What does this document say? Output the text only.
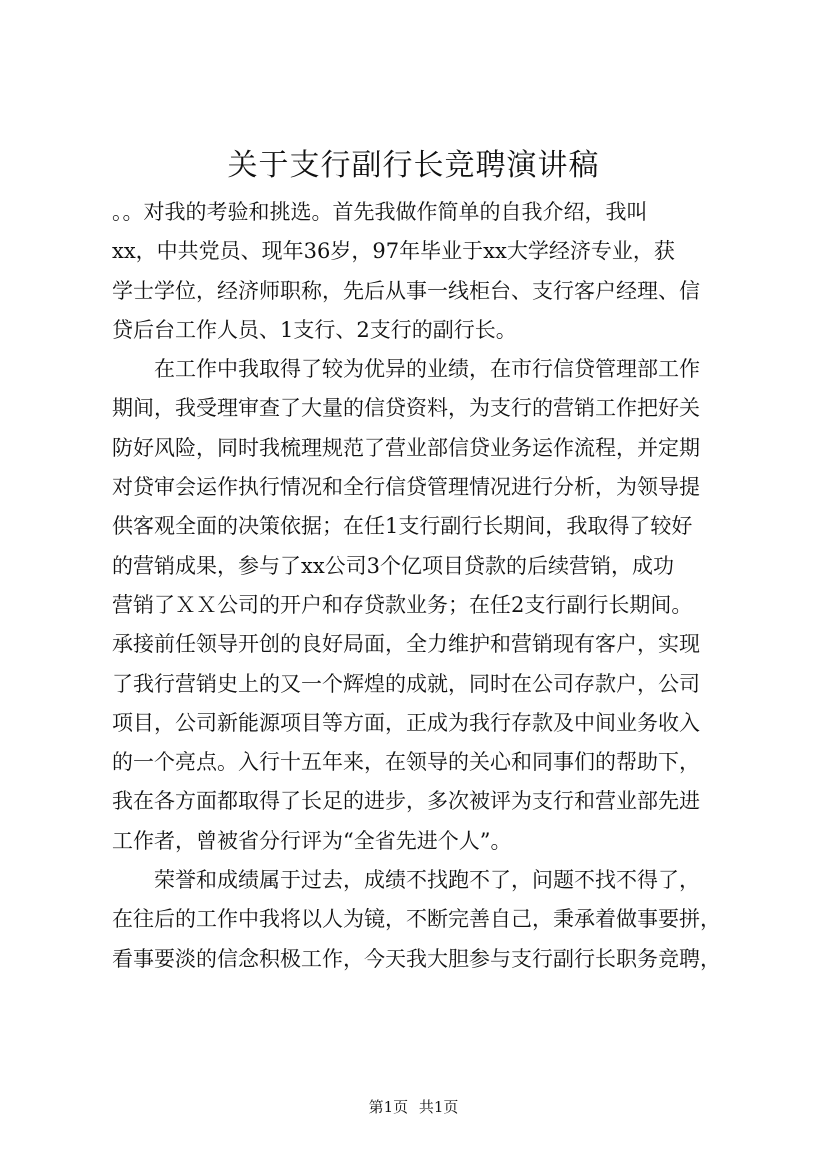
关于支行副行长竞聘演讲稿

。。对我的考验和挑选。首先我做作简单的自我介绍，我叫
xx，中共党员、现年36岁，97年毕业于xx大学经济专业，获
学士学位，经济师职称，先后从事一线柜台、支行客户经理、信
贷后台工作人员、1支行、2支行的副行长。

在工作中我取得了较为优异的业绩，在市行信贷管理部工作
期间，我受理审查了大量的信贷资料，为支行的营销工作把好关
防好风险，同时我梳理规范了营业部信贷业务运作流程，并定期
对贷审会运作执行情况和全行信贷管理情况进行分析，为领导提
供客观全面的决策依据；在任1支行副行长期间，我取得了较好
的营销成果，参与了xx公司3个亿项目贷款的后续营销，成功
营销了ＸＸ公司的开户和存贷款业务；在任2支行副行长期间。
承接前任领导开创的良好局面，全力维护和营销现有客户，实现
了我行营销史上的又一个辉煌的成就，同时在公司存款户，公司
项目，公司新能源项目等方面，正成为我行存款及中间业务收入
的一个亮点。入行十五年来，在领导的关心和同事们的帮助下，
我在各方面都取得了长足的进步，多次被评为支行和营业部先进
工作者，曾被省分行评为“全省先进个人”。

荣誉和成绩属于过去，成绩不找跑不了，问题不找不得了，
在往后的工作中我将以人为镜，不断完善自己，秉承着做事要拼，
看事要淡的信念积极工作，今天我大胆参与支行副行长职务竞聘，

第1页 共1页
